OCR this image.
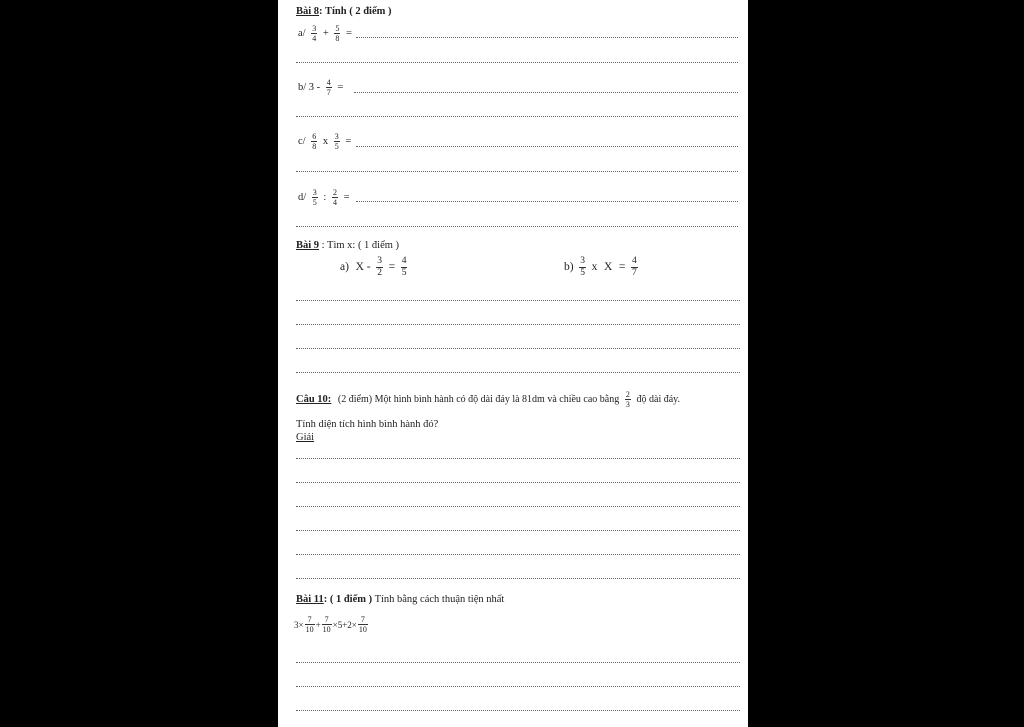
Bài 8: Tính ( 2 điểm )
$a/ \frac{3}{4} + \frac{5}{8}$ =
b/ $3 - \frac{4}{7}$ =
$c/ \frac{6}{8}$ x $\frac{3}{5}$ =
$d/ \frac{3}{5}$ : $\frac{2}{4}$ =
Bài 9 : Tìm x: ( 1 điểm )
a) $X - \frac{3}{2} = \frac{4}{5}$	$b) \frac{3}{5}$ x $X = \frac{4}{7}$
Câu 10: (2 điểm) Một hình bình hành có độ dài đáy là 81dm và chiều cao bằng $\frac{2}{3}$ độ dài đáy.
Tính diện tích hình bình hành đó?
Giải
Bài 11: ( 1 điểm ) Tính bằng cách thuận tiện nhất
$3\times \frac{7}{10} + \frac{7}{10} \times 5+2\times \frac{7}{10}$
